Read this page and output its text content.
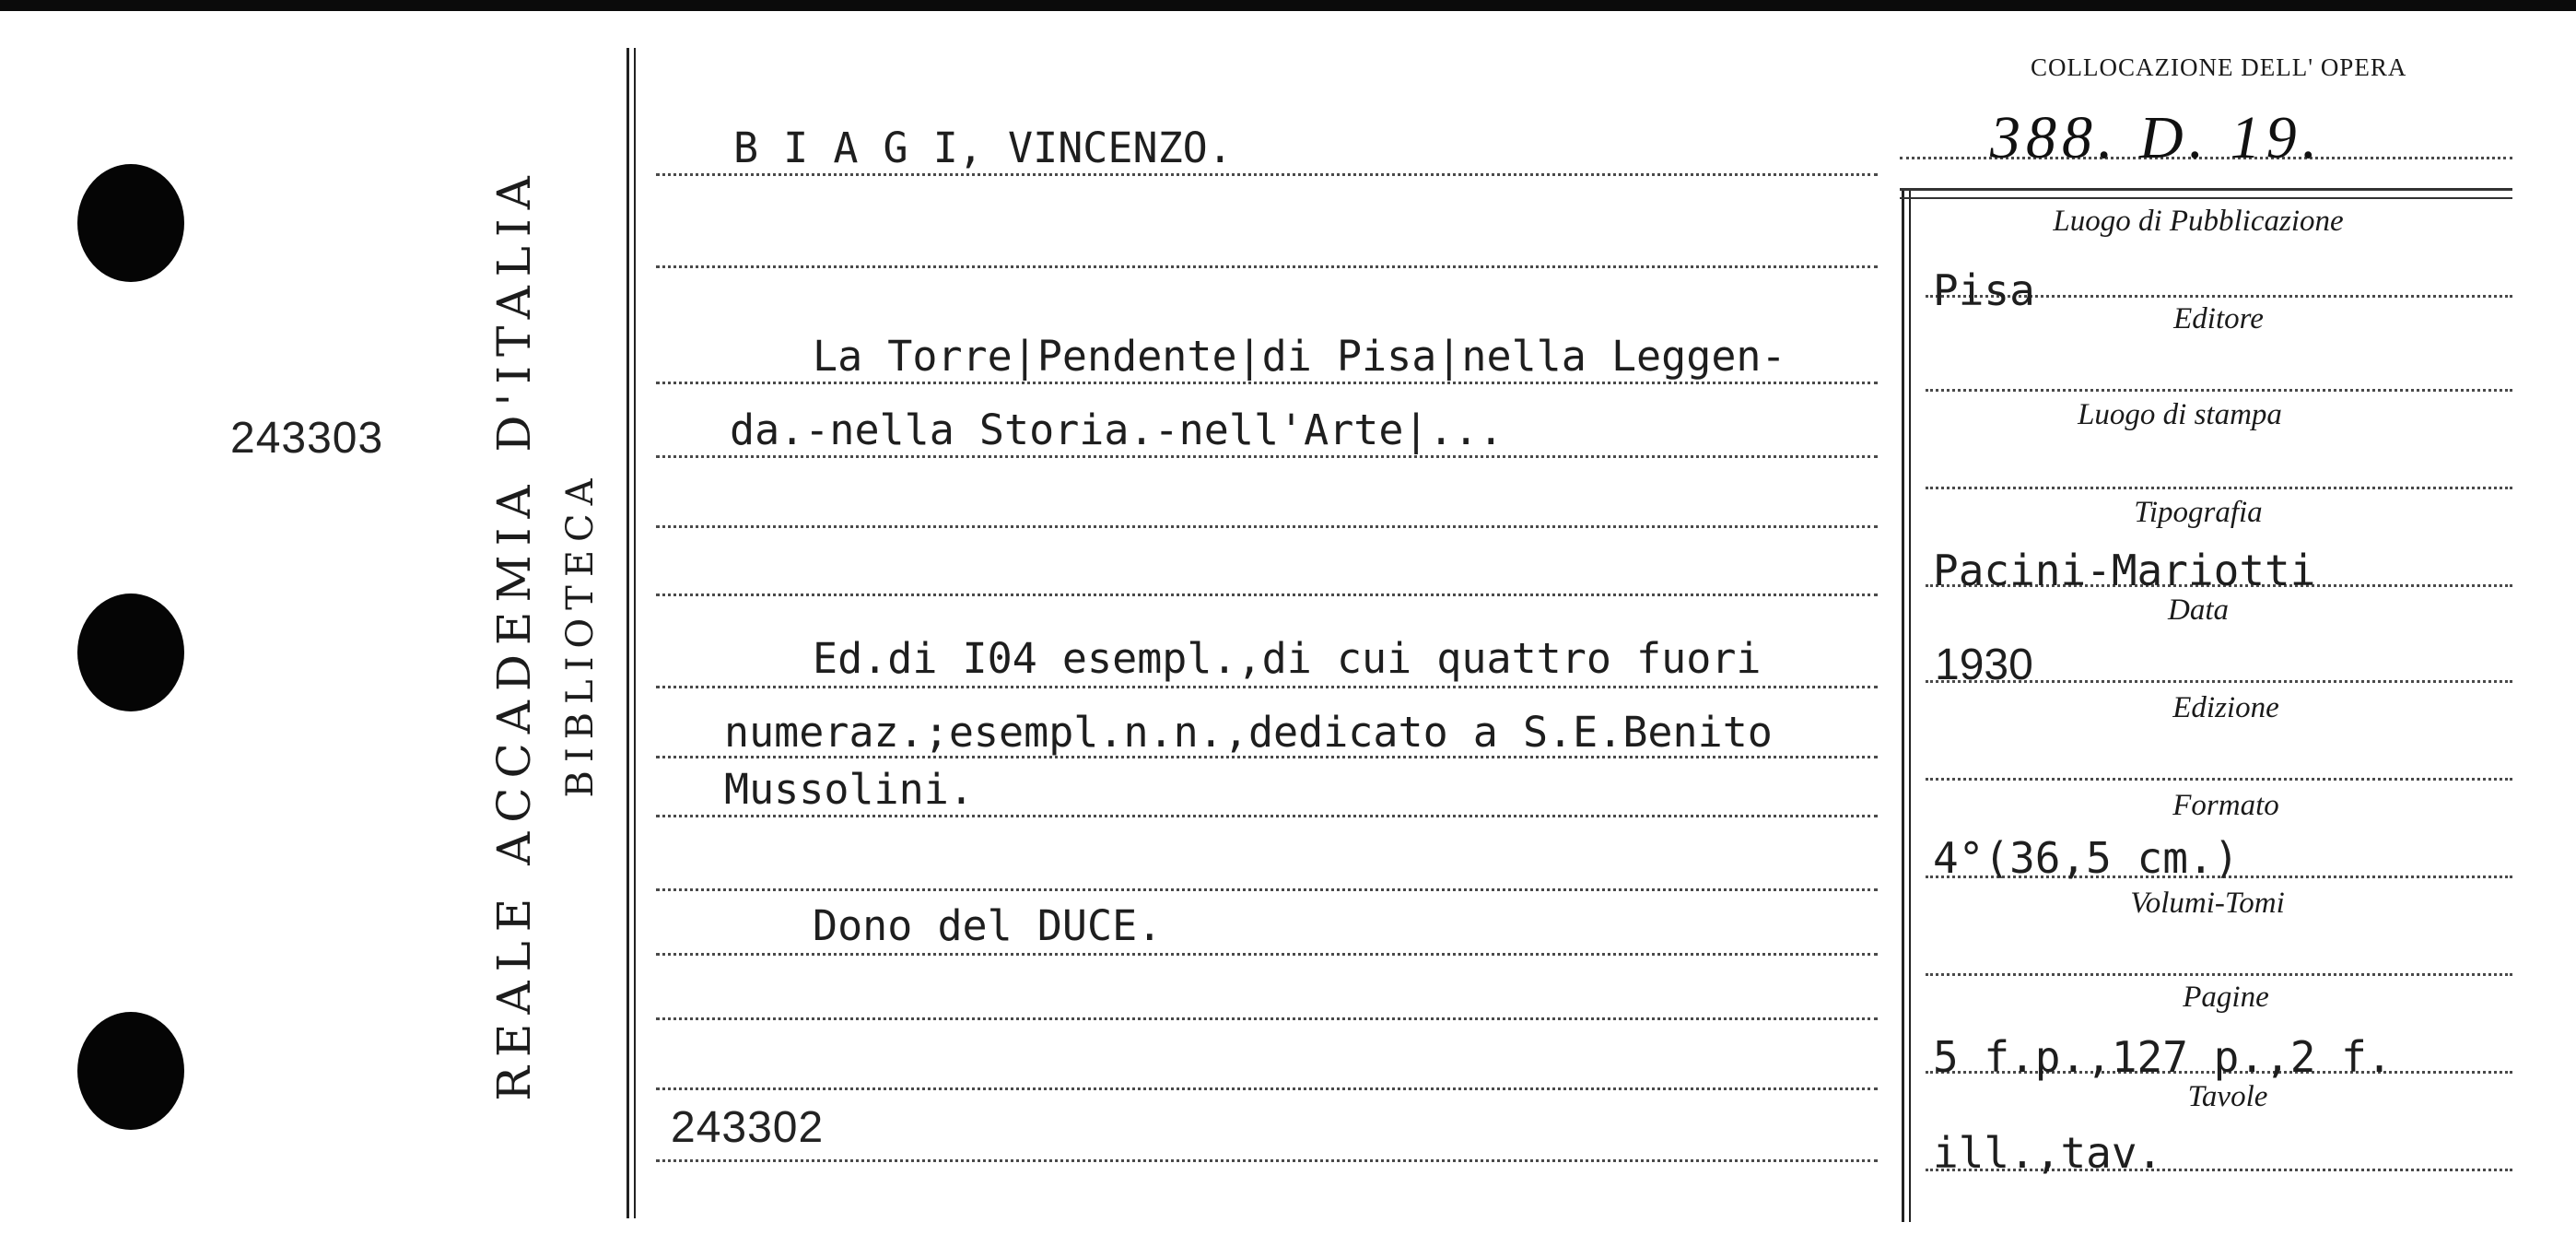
REALE ACCADEMIA D'ITALIA BIBLIOTECA
243303
COLLOCAZIONE DELL' OPERA
388. D. 19.
B I A G I, VINCENZO.
La Torre|Pendente|di Pisa|nella Leggen-
da.-nella Storia.-nell'Arte|...
Ed.di I04 esempl.,di cui quattro fuori
numeraz.;esempl.n.n.,dedicato a S.E.Benito
Mussolini.
Dono del DUCE.
243302
Luogo di Pubblicazione
Pisa
Editore
Luogo di stampa
Tipografia
Pacini-Mariotti
Data
1930
Edizione
Formato
4°(36,5 cm.)
Volumi-Tomi
Pagine
5 f.p.,127 p.,2 f.
Tavole
ill.,tav.
